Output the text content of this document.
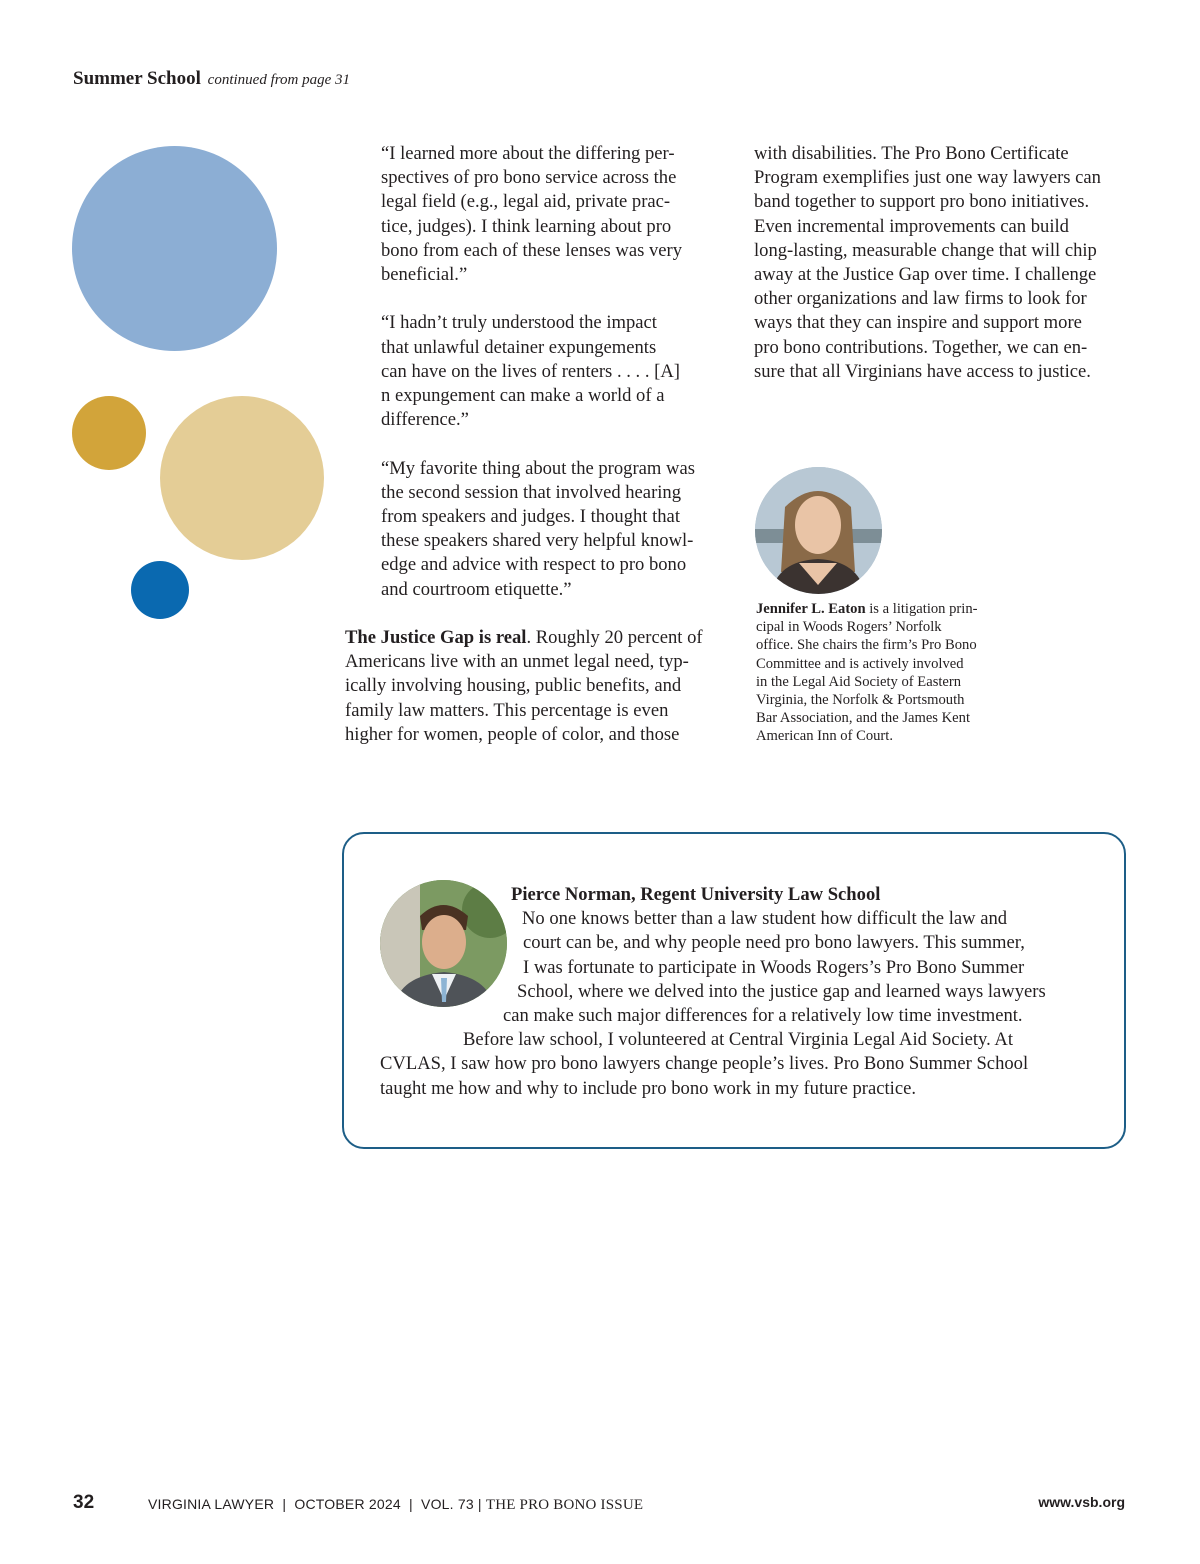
Summer School continued from page 31

“I learned more about the differing per-
spectives of pro bono service across the
legal field (e.g., legal aid, private prac-
tice, judges). I think learning about pro
bono from each of these lenses was very
beneficial.”

“I hadn’t truly understood the impact
that unlawful detainer expungements
can have on the lives of renters . . . . [A]
n expungement can make a world of a
difference.”

“My favorite thing about the program was
the second session that involved hearing
from speakers and judges. I thought that
these speakers shared very helpful knowl-
edge and advice with respect to pro bono
and courtroom etiquette.”

The Justice Gap is real. Roughly 20 percent of
Americans live with an unmet legal need, typ-
ically involving housing, public benefits, and
family law matters. This percentage is even
higher for women, people of color, and those
with disabilities. The Pro Bono Certificate
Program exemplifies just one way lawyers can
band together to support pro bono initiatives.
Even incremental improvements can build
long-lasting, measurable change that will chip
away at the Justice Gap over time. I challenge
other organizations and law firms to look for
ways that they can inspire and support more
pro bono contributions. Together, we can en-
sure that all Virginians have access to justice.
Jennifer L. Eaton is a litigation prin-
cipal in Woods Rogers’ Norfolk
office. She chairs the firm’s Pro Bono
Committee and is actively involved
in the Legal Aid Society of Eastern
Virginia, the Norfolk & Portsmouth
Bar Association, and the James Kent
American Inn of Court.
Pierce Norman, Regent University Law School
No one knows better than a law student how difficult the law and
court can be, and why people need pro bono lawyers. This summer,
I was fortunate to participate in Woods Rogers’s Pro Bono Summer
School, where we delved into the justice gap and learned ways lawyers
can make such major differences for a relatively low time investment.
Before law school, I volunteered at Central Virginia Legal Aid Society. At
CVLAS, I saw how pro bono lawyers change people’s lives. Pro Bono Summer School
taught me how and why to include pro bono work in my future practice.
32	VIRGINIA LAWYER | OCTOBER 2024 | VOL. 73 | THE PRO BONO ISSUE	www.vsb.org
